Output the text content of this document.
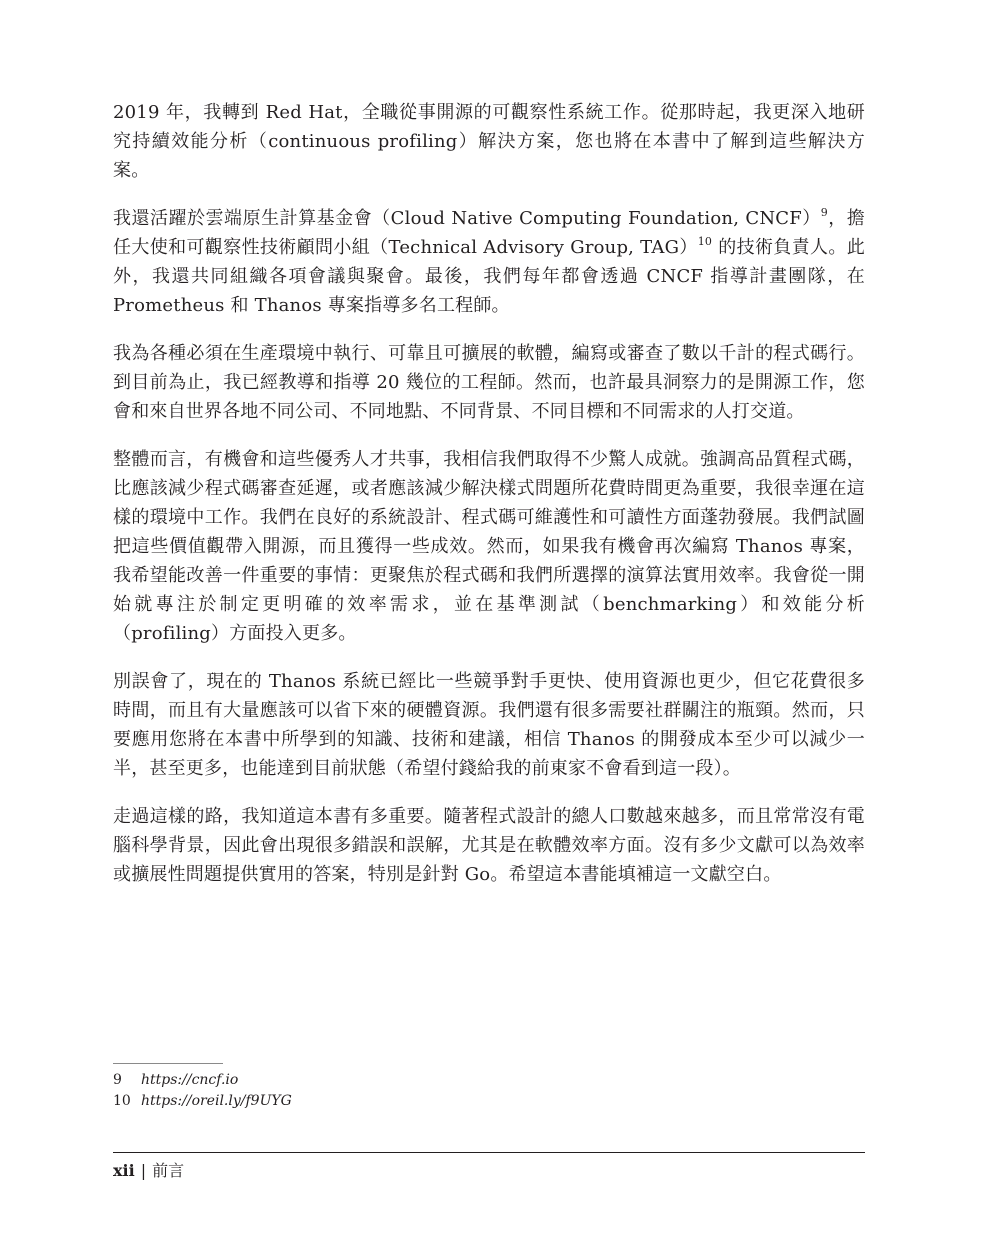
2019 年，我轉到 Red Hat，全職從事開源的可觀察性系統工作。從那時起，我更深入地研究持續效能分析（continuous profiling）解決方案，您也將在本書中了解到這些解決方案。

我還活躍於雲端原生計算基金會（Cloud Native Computing Foundation, CNCF）$^9$，擔任大使和可觀察性技術顧問小組（Technical Advisory Group, TAG）$^{10}$ 的技術負責人。此外，我還共同組織各項會議與聚會。最後，我們每年都會透過 CNCF 指導計畫團隊，在 Prometheus 和 Thanos 專案指導多名工程師。

我為各種必須在生產環境中執行、可靠且可擴展的軟體，編寫或審查了數以千計的程式碼行。到目前為止，我已經教導和指導 20 幾位的工程師。然而，也許最具洞察力的是開源工作，您會和來自世界各地不同公司、不同地點、不同背景、不同目標和不同需求的人打交道。

整體而言，有機會和這些優秀人才共事，我相信我們取得不少驚人成就。強調高品質程式碼，比應該減少程式碼審查延遲，或者應該減少解決樣式問題所花費時間更為重要，我很幸運在這樣的環境中工作。我們在良好的系統設計、程式碼可維護性和可讀性方面蓬勃發展。我們試圖把這些價值觀帶入開源，而且獲得一些成效。然而，如果我有機會再次編寫 Thanos 專案，我希望能改善一件重要的事情：更聚焦於程式碼和我們所選擇的演算法實用效率。我會從一開始就專注於制定更明確的效率需求，並在基準測試（benchmarking）和效能分析（profiling）方面投入更多。

別誤會了，現在的 Thanos 系統已經比一些競爭對手更快、使用資源也更少，但它花費很多時間，而且有大量應該可以省下來的硬體資源。我們還有很多需要社群關注的瓶頸。然而，只要應用您將在本書中所學到的知識、技術和建議，相信 Thanos 的開發成本至少可以減少一半，甚至更多，也能達到目前狀態（希望付錢給我的前東家不會看到這一段）。

走過這樣的路，我知道這本書有多重要。隨著程式設計的總人口數越來越多，而且常常沒有電腦科學背景，因此會出現很多錯誤和誤解，尤其是在軟體效率方面。沒有多少文獻可以為效率或擴展性問題提供實用的答案，特別是針對 Go。希望這本書能填補這一文獻空白。

9	https://cncf.io
10 https://oreil.ly/f9UYG
xii | 前言
